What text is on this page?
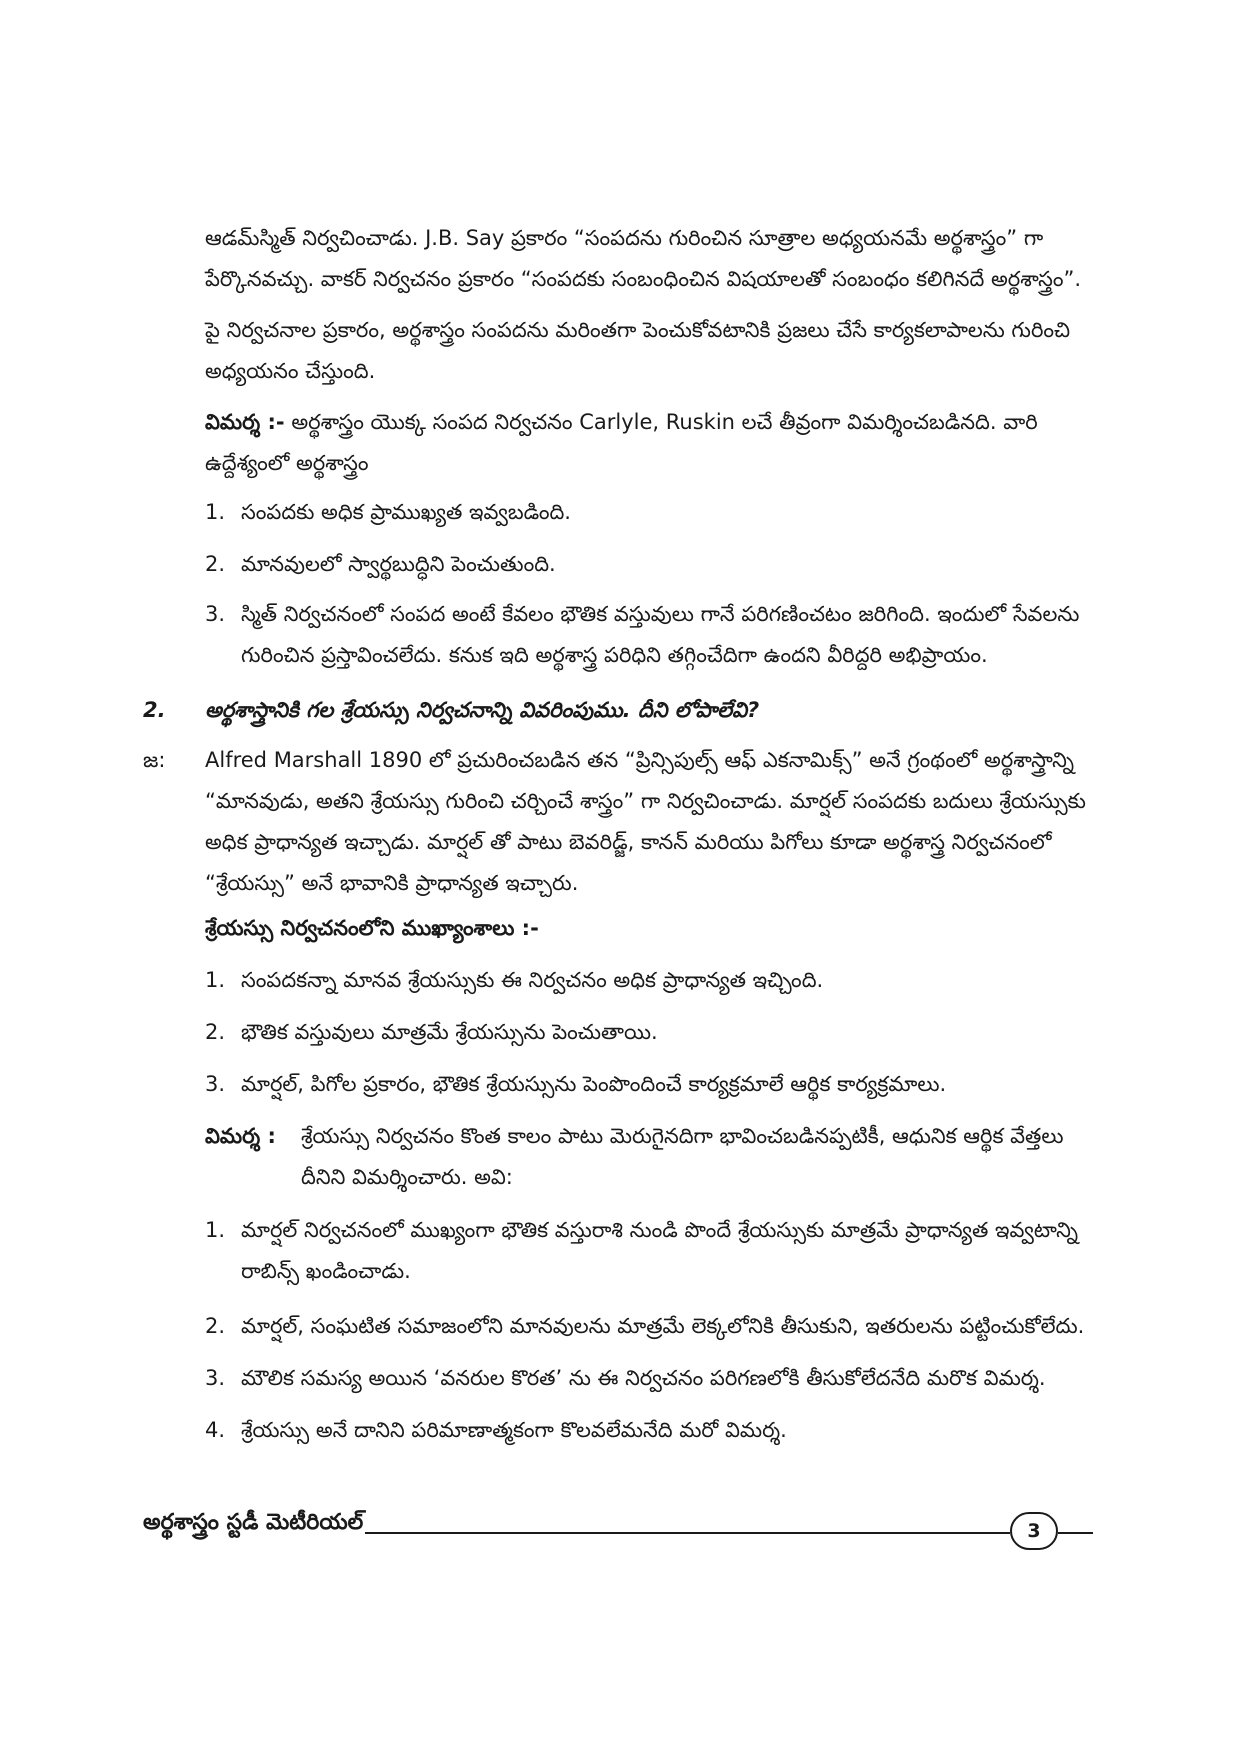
ఆడమ్‌స్మిత్ నిర్వచించాడు. J.B. Say ప్రకారం “సంపదను గురించిన సూత్రాల అధ్యయనమే అర్థశాస్త్రం” గా పేర్కొనవచ్చు. వాకర్ నిర్వచనం ప్రకారం “సంపదకు సంబంధించిన విషయాలతో సంబంధం కలిగినదే అర్థశాస్త్రం”.

పై నిర్వచనాల ప్రకారం, అర్థశాస్త్రం సంపదను మరింతగా పెంచుకోవటానికి ప్రజలు చేసే కార్యకలాపాలను గురించి అధ్యయనం చేస్తుంది.

విమర్శ :- అర్థశాస్త్రం యొక్క సంపద నిర్వచనం Carlyle, Ruskin లచే తీవ్రంగా విమర్శించబడినది. వారి ఉద్దేశ్యంలో అర్థశాస్త్రం

1. సంపదకు అధిక ప్రాముఖ్యత ఇవ్వబడింది.
2. మానవులలో స్వార్థబుద్ధిని పెంచుతుంది.
3. స్మిత్ నిర్వచనంలో సంపద అంటే కేవలం భౌతిక వస్తువులు గానే పరిగణించటం జరిగింది. ఇందులో సేవలను గురించిన ప్రస్తావించలేదు. కనుక ఇది అర్థశాస్త్ర పరిధిని తగ్గించేదిగా ఉందని వీరిద్దరి అభిప్రాయం.
2. అర్థశాస్త్రానికి గల శ్రేయస్సు నిర్వచనాన్ని వివరింపుము. దీని లోపాలేవి?
జ: Alfred Marshall 1890 లో ప్రచురించబడిన తన “ప్రిన్సిపుల్స్ ఆఫ్ ఎకనామిక్స్” అనే గ్రంథంలో అర్థశాస్త్రాన్ని “మానవుడు, అతని శ్రేయస్సు గురించి చర్చించే శాస్త్రం” గా నిర్వచించాడు. మార్షల్ సంపదకు బదులు శ్రేయస్సుకు అధిక ప్రాధాన్యత ఇచ్చాడు. మార్షల్ తో పాటు బెవరిడ్జ్, కానన్ మరియు పిగోలు కూడా అర్థశాస్త్ర నిర్వచనంలో “శ్రేయస్సు” అనే భావానికి ప్రాధాన్యత ఇచ్చారు.

శ్రేయస్సు నిర్వచనంలోని ముఖ్యాంశాలు :-

1. సంపదకన్నా మానవ శ్రేయస్సుకు ఈ నిర్వచనం అధిక ప్రాధాన్యత ఇచ్చింది.
2. భౌతిక వస్తువులు మాత్రమే శ్రేయస్సును పెంచుతాయి.
3. మార్షల్, పిగోల ప్రకారం, భౌతిక శ్రేయస్సును పెంపొందించే కార్యక్రమాలే ఆర్థిక కార్యక్రమాలు.
విమర్శ : శ్రేయస్సు నిర్వచనం కొంత కాలం పాటు మెరుగైనదిగా భావించబడినప్పటికీ, ఆధునిక ఆర్థిక వేత్తలు దీనిని విమర్శించారు. అవి:
1. మార్షల్ నిర్వచనంలో ముఖ్యంగా భౌతిక వస్తురాశి నుండి పొందే శ్రేయస్సుకు మాత్రమే ప్రాధాన్యత ఇవ్వటాన్ని రాబిన్స్ ఖండించాడు.
2. మార్షల్, సంఘటిత సమాజంలోని మానవులను మాత్రమే లెక్కలోనికి తీసుకుని, ఇతరులను పట్టించుకోలేదు.
3. మౌలిక సమస్య అయిన ‘వనరుల కొరత’ ను ఈ నిర్వచనం పరిగణలోకి తీసుకోలేదనేది మరొక విమర్శ.
4. శ్రేయస్సు అనే దానిని పరిమాణాత్మకంగా కొలవలేమనేది మరో విమర్శ.
అర్థశాస్త్రం స్టడీ మెటీరియల్	3
